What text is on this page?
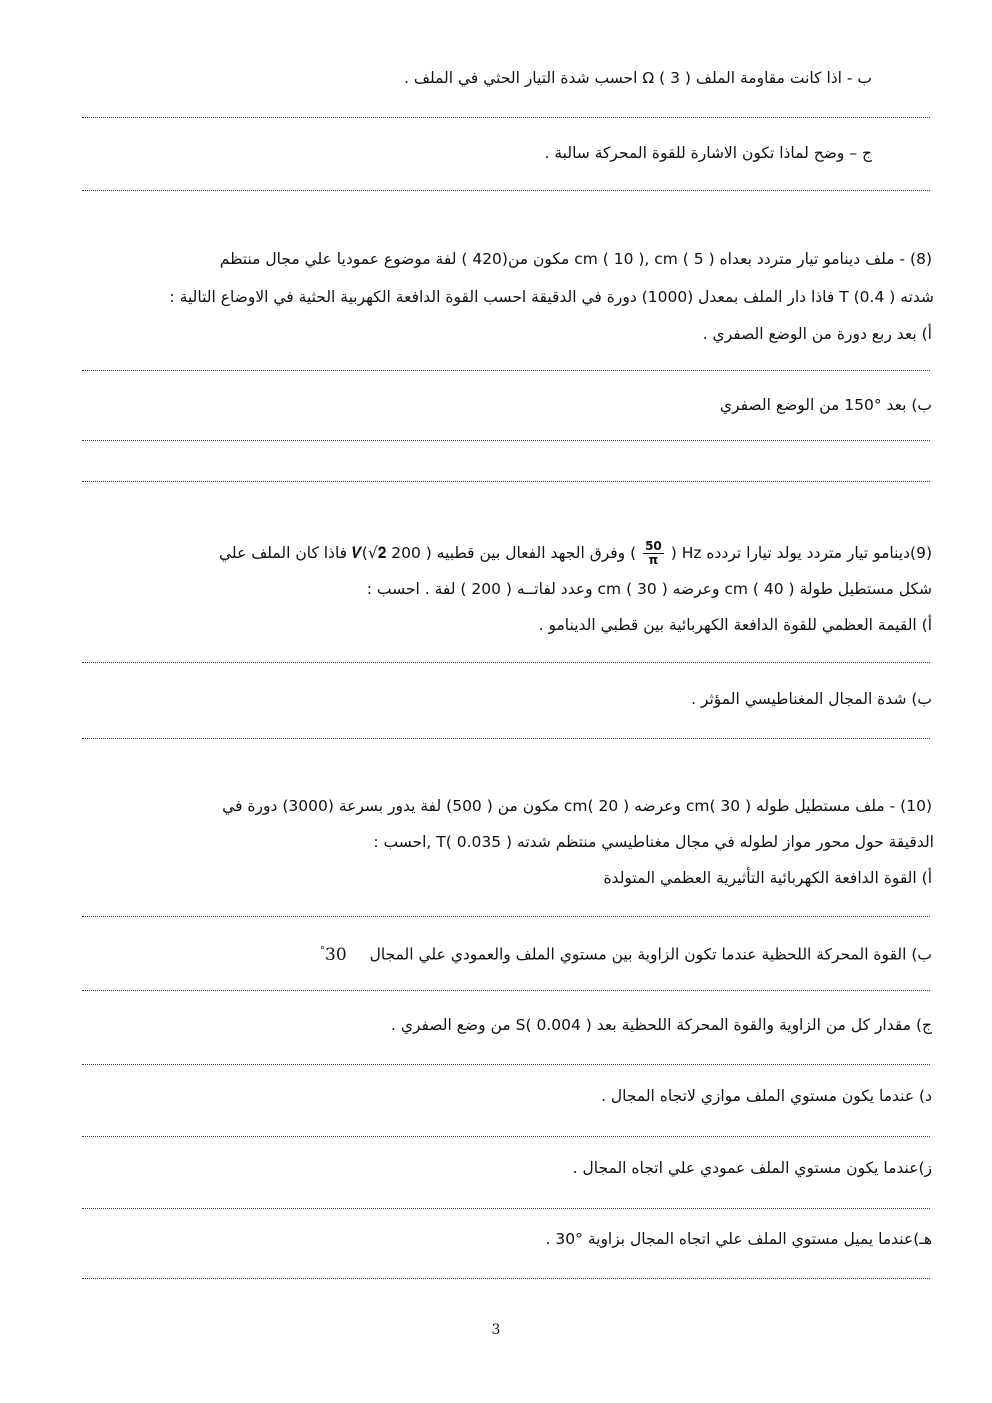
ب - اذا كانت مقاومة الملف Ω ( 3 ) احسب شدة التيار الحثي في الملف .
ج – وضح لماذا تكون الاشارة للقوة المحركة سالبة .
(8) - ملف دينامو تيار متردد بعداه cm ( 10 ), cm ( 5 ) مكون من(420 ) لفة موضوع عموديا علي مجال منتظم
شدته T (0.4 ) فاذا دار الملف بمعدل (1000) دورة في الدقيقة احسب القوة الدافعة الكهربية الحثية في الاوضاع التالية :
أ) بعد ربع دورة من الوضع الصفري .
ب) بعد °150 من الوضع الصفري
(9)دينامو تيار متردد يولد تيارا تردده Hz (
$\frac{50}{\pi}$
) وفرق الجهد الفعال بين قطبيه 𝑽(√𝟐 200 ) فاذا كان الملف علي
شكل مستطيل طولة cm ( 40 ) وعرضه cm ( 30 ) وعدد لفاتــه ( 200 ) لفة . احسب :
أ) القيمة العظمي للقوة الدافعة الكهربائية بين قطبي الدينامو .
ب) شدة المجال المغناطيسي المؤثر .
(10) - ملف مستطيل طوله cm( 30 ) وعرضه cm( 20 ) مكون من ( 500) لفة يدور بسرعة (3000) دورة في
الدقيقة حول محور مواز لطوله في مجال مغناطيسي منتظم شدته T( 0.035 ) ,احسب :
أ) القوة الدافعة الكهربائية التأثيرية العظمي المتولدة
ب) القوة المحركة اللحظية عندما تكون الزاوية بين مستوي الملف والعمودي علي المجال 30°
ج) مقدار كل من الزاوية والقوة المحركة اللحظية بعد S( 0.004 ) من وضع الصفري .
د) عندما يكون مستوي الملف موازي لاتجاه المجال .
ز)عندما يكون مستوي الملف عمودي علي اتجاه المجال .
هـ)عندما يميل مستوي الملف علي اتجاه المجال بزاوية °30 .
3
